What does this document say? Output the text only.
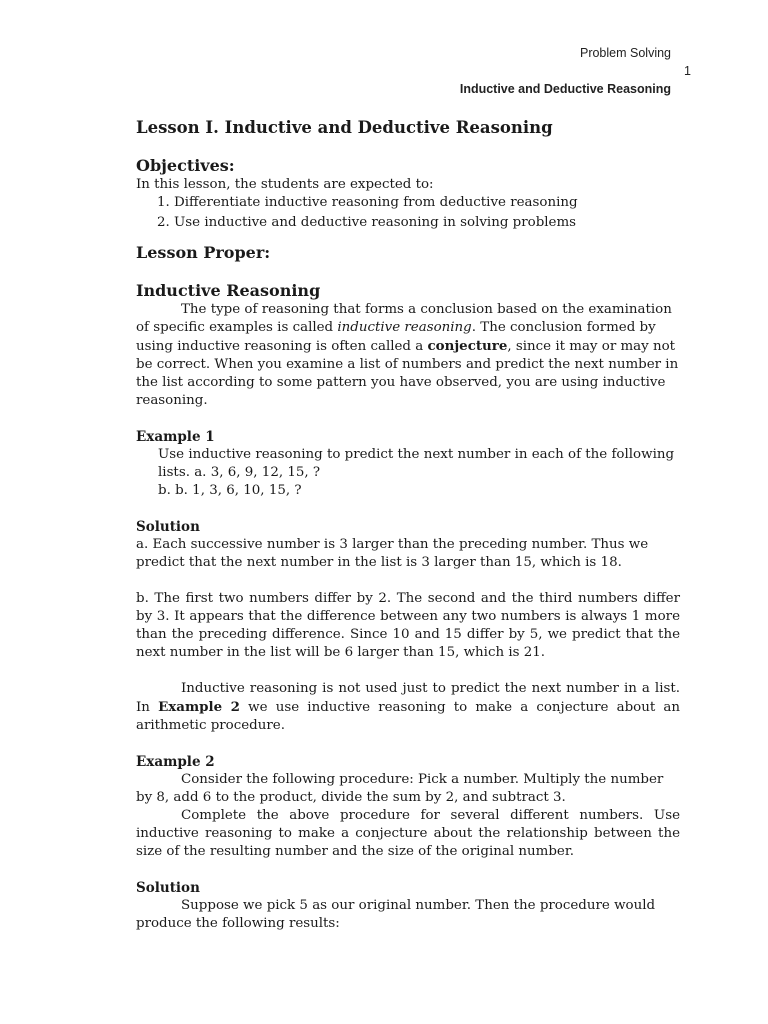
Problem Solving
1
Inductive and Deductive Reasoning
Lesson I. Inductive and Deductive Reasoning
Objectives:

In this lesson, the students are expected to:

1. Differentiate inductive reasoning from deductive reasoning
2. Use inductive and deductive reasoning in solving problems
Lesson Proper:
Inductive Reasoning

The type of reasoning that forms a conclusion based on the examination of specific examples is called inductive reasoning. The conclusion formed by using inductive reasoning is often called a conjecture, since it may or may not be correct. When you examine a list of numbers and predict the next number in the list according to some pattern you have observed, you are using inductive reasoning.

Example 1

Use inductive reasoning to predict the next number in each of the following

lists. a. 3, 6, 9, 12, 15, ?

b. b. 1, 3, 6, 10, 15, ?

Solution

a. Each successive number is 3 larger than the preceding number. Thus we predict that the next number in the list is 3 larger than 15, which is 18.

b. The first two numbers differ by 2. The second and the third numbers differ by 3. It appears that the difference between any two numbers is always 1 more than the preceding difference. Since 10 and 15 differ by 5, we predict that the next number in the list will be 6 larger than 15, which is 21.

Inductive reasoning is not used just to predict the next number in a list. In Example 2 we use inductive reasoning to make a conjecture about an arithmetic procedure.

Example 2

Consider the following procedure: Pick a number. Multiply the number by 8, add 6 to the product, divide the sum by 2, and subtract 3.

Complete the above procedure for several different numbers. Use inductive reasoning to make a conjecture about the relationship between the size of the resulting number and the size of the original number.

Solution

Suppose we pick 5 as our original number. Then the procedure would produce the following results:
